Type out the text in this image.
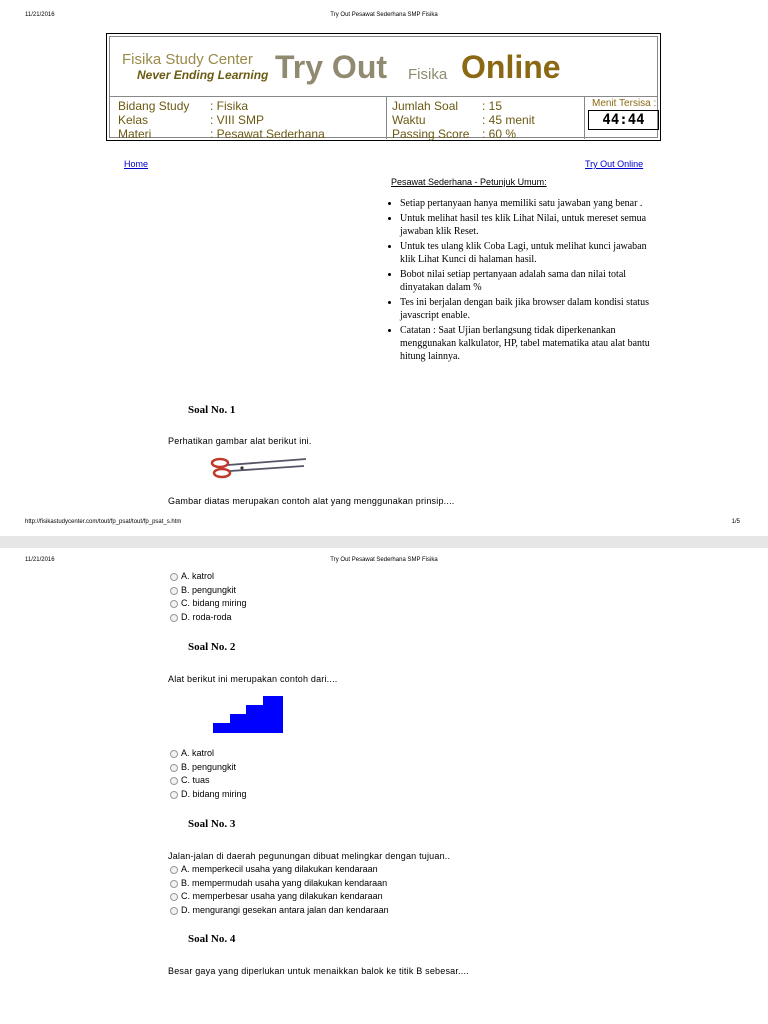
11/21/2016	Try Out Pesawat Sederhana SMP Fisika
Fisika Study Center
Never Ending Learning Try Out Fisika Online
Bidang Study : Fisika
Kelas	: VIII SMP
Materi	: Pesawat Sederhana
Jumlah Soal : 15
Waktu	: 45 menit
Passing Score : 60 %
Menit Tersisa :
44:44
Home	Try Out Online
Pesawat Sederhana - Petunjuk Umum:
• Setiap pertanyaan hanya memiliki satu jawaban yang benar .
• Untuk melihat hasil tes klik Lihat Nilai, untuk mereset semua jawaban klik Reset.
• Untuk tes ulang klik Coba Lagi, untuk melihat kunci jawaban klik Lihat Kunci di halaman hasil.
• Bobot nilai setiap pertanyaan adalah sama dan nilai total dinyatakan dalam %
• Tes ini berjalan dengan baik jika browser dalam kondisi status javascript enable.
• Catatan : Saat Ujian berlangsung tidak diperkenankan menggunakan kalkulator, HP, tabel matematika atau alat bantu hitung lainnya.
Soal No. 1
Perhatikan gambar alat berikut ini.
Gambar diatas merupakan contoh alat yang menggunakan prinsip....
http://fisikastudycenter.com/tout/fp_psat/tout/fp_psat_s.htm	1/5
11/21/2016	Try Out Pesawat Sederhana SMP Fisika
A. katrol
B. pengungkit
C. bidang miring
D. roda-roda
Soal No. 2
Alat berikut ini merupakan contoh dari....
A. katrol
B. pengungkit
C. tuas
D. bidang miring
Soal No. 3
Jalan-jalan di daerah pegunungan dibuat melingkar dengan tujuan..
A. memperkecil usaha yang dilakukan kendaraan
B. mempermudah usaha yang dilakukan kendaraan
C. memperbesar usaha yang dilakukan kendaraan
D. mengurangi gesekan antara jalan dan kendaraan
Soal No. 4
Besar gaya yang diperlukan untuk menaikkan balok ke titik B sebesar....
